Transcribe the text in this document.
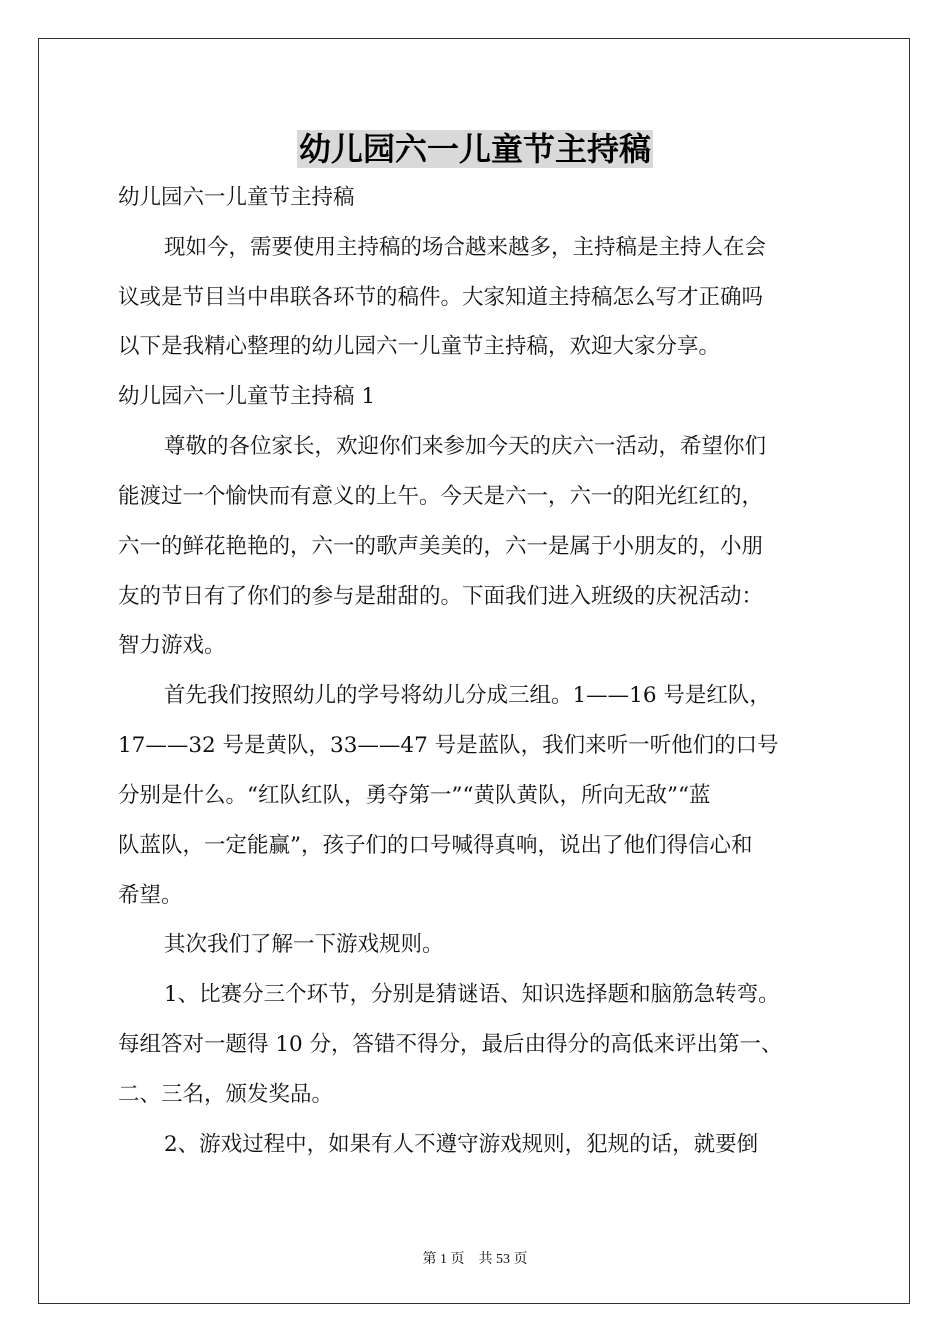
幼儿园六一儿童节主持稿
幼儿园六一儿童节主持稿
现如今，需要使用主持稿的场合越来越多，主持稿是主持人在会
议或是节目当中串联各环节的稿件。大家知道主持稿怎么写才正确吗
以下是我精心整理的幼儿园六一儿童节主持稿，欢迎大家分享。
幼儿园六一儿童节主持稿 1
尊敬的各位家长，欢迎你们来参加今天的庆六一活动，希望你们
能渡过一个愉快而有意义的上午。今天是六一，六一的阳光红红的，
六一的鲜花艳艳的，六一的歌声美美的，六一是属于小朋友的，小朋
友的节日有了你们的参与是甜甜的。下面我们进入班级的庆祝活动：
智力游戏。
首先我们按照幼儿的学号将幼儿分成三组。1——16 号是红队，
17——32 号是黄队，33——47 号是蓝队，我们来听一听他们的口号
分别是什么。“红队红队，勇夺第一”“黄队黄队，所向无敌”“蓝
队蓝队，一定能赢”，孩子们的口号喊得真响，说出了他们得信心和
希望。
其次我们了解一下游戏规则。
1、比赛分三个环节，分别是猜谜语、知识选择题和脑筋急转弯。
每组答对一题得 10 分，答错不得分，最后由得分的高低来评出第一、
二、三名，颁发奖品。
2、游戏过程中，如果有人不遵守游戏规则，犯规的话，就要倒
第 1 页　共 53 页
